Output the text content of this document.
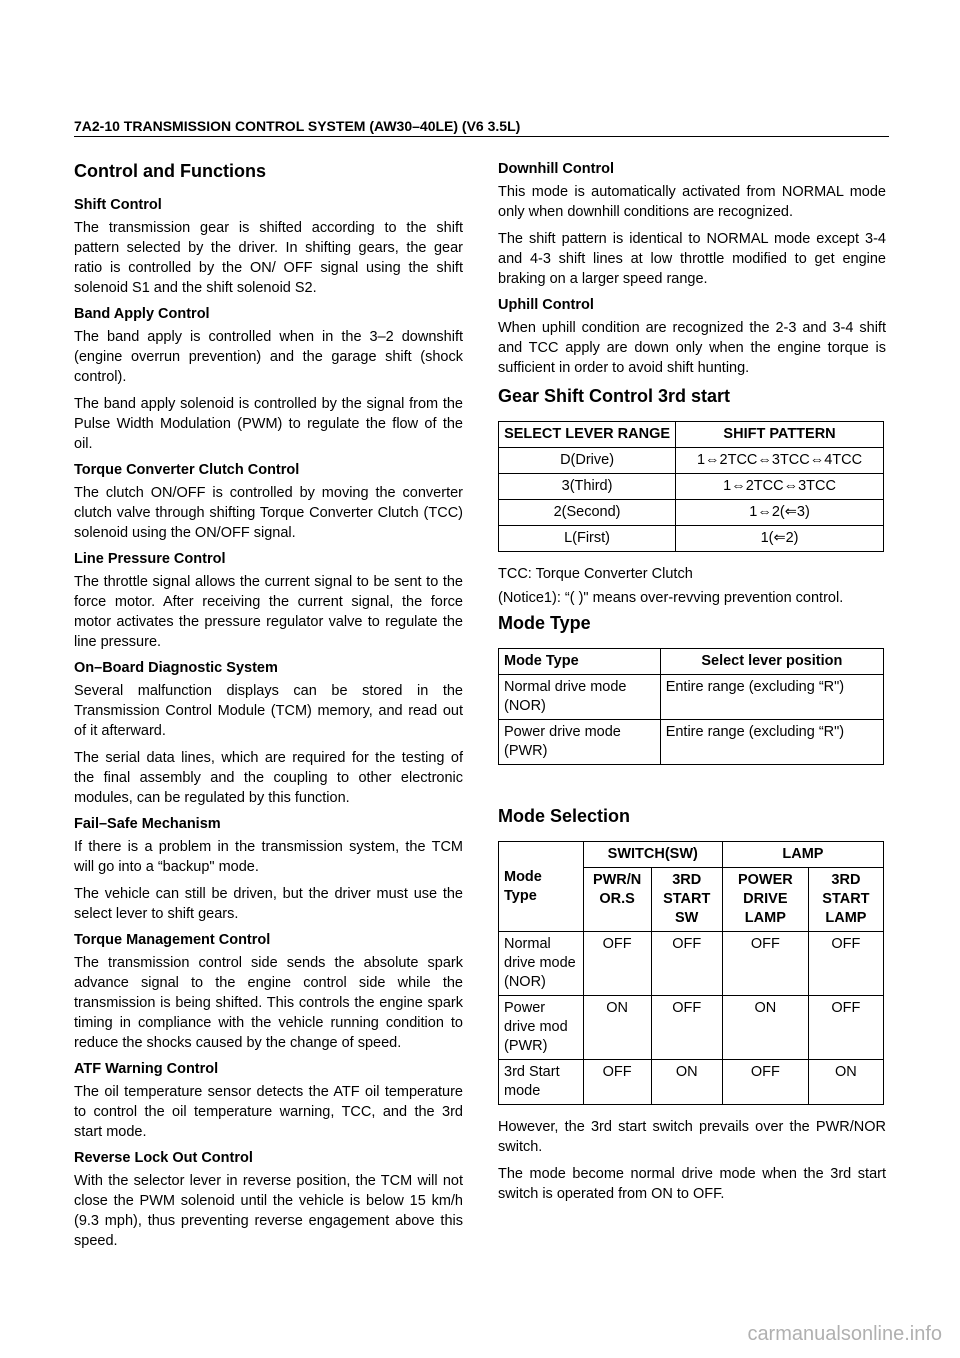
7A2-10 TRANSMISSION CONTROL SYSTEM (AW30–40LE) (V6 3.5L)
Control and Functions
Shift Control

The transmission gear is shifted according to the shift pattern selected by the driver. In shifting gears, the gear ratio is controlled by the ON/ OFF signal using the shift solenoid S1 and the shift solenoid S2.

Band Apply Control

The band apply is controlled when in the 3–2 downshift (engine overrun prevention) and the garage shift (shock control).

The band apply solenoid is controlled by the signal from the Pulse Width Modulation (PWM) to regulate the flow of the oil.

Torque Converter Clutch Control

The clutch ON/OFF is controlled by moving the converter clutch valve through shifting Torque Converter Clutch (TCC) solenoid using the ON/OFF signal.

Line Pressure Control

The throttle signal allows the current signal to be sent to the force motor. After receiving the current signal, the force motor activates the pressure regulator valve to regulate the line pressure.

On–Board Diagnostic System

Several malfunction displays can be stored in the Transmission Control Module (TCM) memory, and read out of it afterward.

The serial data lines, which are required for the testing of the final assembly and the coupling to other electronic modules, can be regulated by this function.

Fail–Safe Mechanism

If there is a problem in the transmission system, the TCM will go into a “backup" mode.

The vehicle can still be driven, but the driver must use the select lever to shift gears.

Torque Management Control

The transmission control side sends the absolute spark advance signal to the engine control side while the transmission is being shifted. This controls the engine spark timing in compliance with the vehicle running condition to reduce the shocks caused by the change of speed.

ATF Warning Control

The oil temperature sensor detects the ATF oil temperature to control the oil temperature warning, TCC, and the 3rd start mode.

Reverse Lock Out Control

With the selector lever in reverse position, the TCM will not close the PWM solenoid until the vehicle is below 15 km/h (9.3 mph), thus preventing reverse engagement above this speed.

Downhill Control

This mode is automatically activated from NORMAL mode only when downhill conditions are recognized.

The shift pattern is identical to NORMAL mode except 3-4 and 4-3 shift lines at low throttle modified to get engine braking on a larger speed range.

Uphill Control

When uphill condition are recognized the 2-3 and 3-4 shift and TCC apply are down only when the engine torque is sufficient in order to avoid shift hunting.

Gear Shift Control 3rd start
SELECT LEVER RANGE	SHIFT PATTERN
D(Drive)	1⇔2TCC⇔3TCC⇔4TCC
3(Third)	1⇔2TCC⇔3TCC
2(Second)	1⇔2(⇐3)
L(First)	1(⇐2)

TCC: Torque Converter Clutch

(Notice1): “( )" means over-revving prevention control.

Mode Type
Mode Type	Select lever position
Normal drive mode (NOR)	Entire range (excluding “R")
Power drive mode (PWR)	Entire range (excluding “R")
Mode Selection
Mode Type	SWITCH(SW)		LAMP	
	PWR/N OR.S	3RD START SW	POWER DRIVE LAMP	3RD START LAMP
Normal drive mode (NOR)	OFF	OFF	OFF	OFF
Power drive mod (PWR)	ON	OFF	ON	OFF
3rd Start mode	OFF	ON	OFF	ON

However, the 3rd start switch prevails over the PWR/NOR switch.

The mode become normal drive mode when the 3rd start switch is operated from ON to OFF.

carmanualsonline.info
